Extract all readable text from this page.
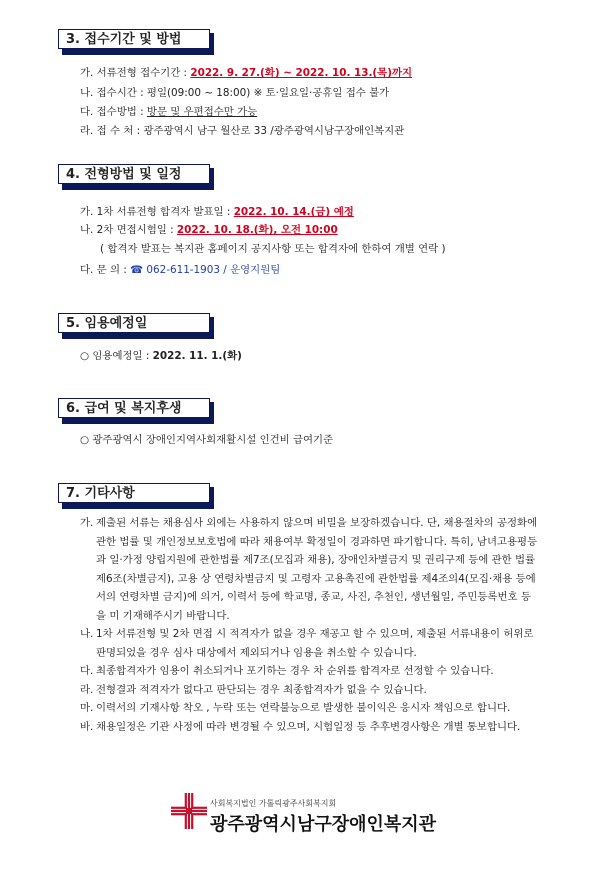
3. 접수기간 및 방법
가. 서류전형 접수기간 : 2022. 9. 27.(화) ~ 2022. 10. 13.(목)까지
나. 접수시간 : 평일(09:00 ~ 18:00) ※ 토·일요일·공휴일 접수 불가
다. 접수방법 : 방문 및 우편접수만 가능
라. 접 수 처 : 광주광역시 남구 월산로 33 /광주광역시남구장애인복지관
4. 전형방법 및 일정
가. 1차 서류전형 합격자 발표일 : 2022. 10. 14.(금) 예정
나. 2차 면접시험일 : 2022. 10. 18.(화), 오전 10:00
( 합격자 발표는 복지관 홈페이지 공지사항 또는 합격자에 한하여 개별 연락 )
다. 문 의 : ☎ 062-611-1903 / 운영지원팀
5. 임용예정일
○ 임용예정일 : 2022. 11. 1.(화)
6. 급여 및 복지후생
○ 광주광역시 장애인지역사회재활시설 인건비 급여기준
7. 기타사항
가. 제출된 서류는 채용심사 외에는 사용하지 않으며 비밀을 보장하겠습니다. 단, 채용절차의 공정화에 관한 법률 및 개인정보보호법에 따라 채용여부 확정일이 경과하면 파기합니다. 특히, 남녀고용평등과 일·가정 양립지원에 관한법률 제7조(모집과 채용), 장애인차별금지 및 권리구제 등에 관한 법률 제6조(차별금지), 고용 상 연령차별금지 및 고령자 고용촉진에 관한법률 제4조의4(모집·채용 등에서의 연령차별 금지)에 의거, 이력서 등에 학교명, 종교, 사진, 추천인, 생년월일, 주민등록번호 등을 미 기재해주시기 바랍니다.
나. 1차 서류전형 및 2차 면접 시 적격자가 없을 경우 재공고 할 수 있으며, 제출된 서류내용이 허위로 판명되었을 경우 심사 대상에서 제외되거나 임용을 취소할 수 있습니다.
다. 최종합격자가 임용이 취소되거나 포기하는 경우 차 순위를 합격자로 선정할 수 있습니다.
라. 전형결과 적격자가 없다고 판단되는 경우 최종합격자가 없을 수 있습니다.
마. 이력서의 기재사항 착오 , 누락 또는 연락불능으로 발생한 불이익은 응시자 책임으로 합니다.
바. 채용일정은 기관 사정에 따라 변경될 수 있으며, 시험일정 등 추후변경사항은 개별 통보합니다.
사회복지법인 가톨릭광주사회복지회
광주광역시남구장애인복지관
